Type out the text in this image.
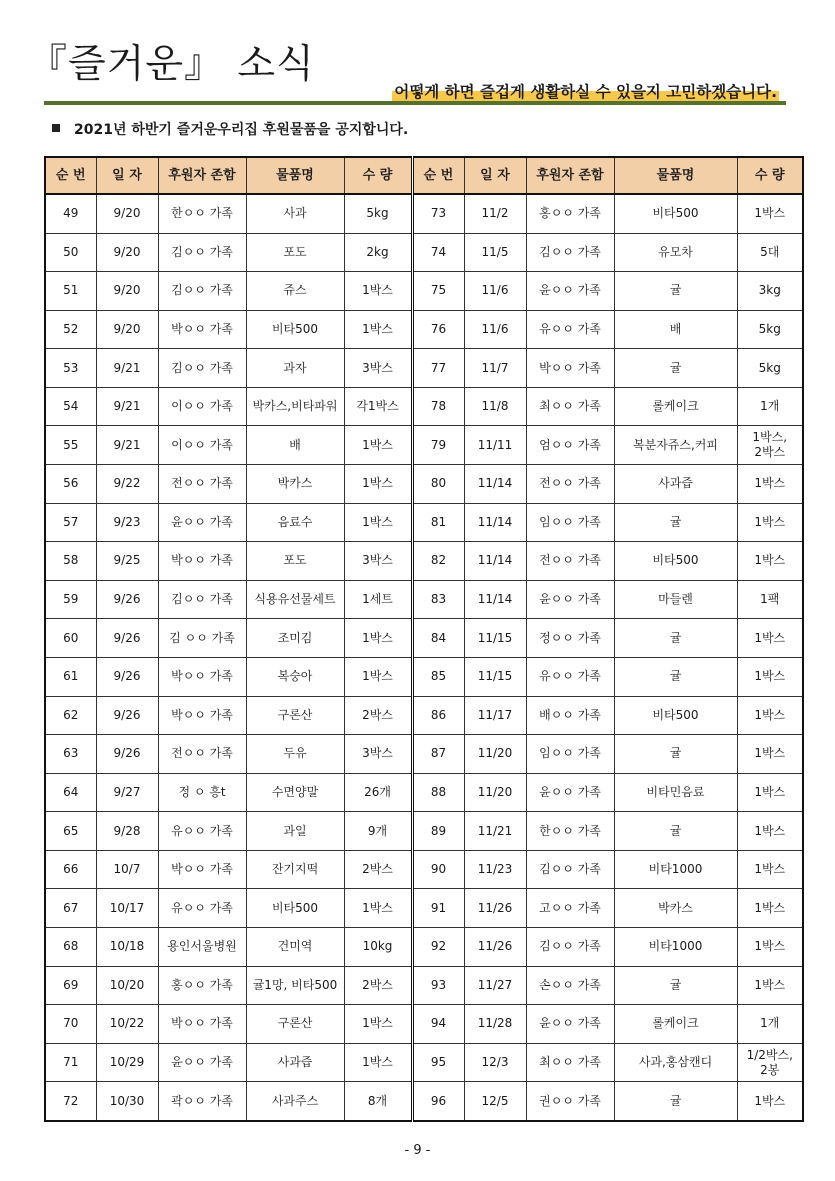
『즐거운』 소식
어떻게 하면 즐겁게 생활하실 수 있을지 고민하겠습니다.
2021년 하반기 즐거운우리집 후원물품을 공지합니다.
순 번	일 자	후원자 존함	물품명	수 량	순 번	일 자	후원자 존함	물품명	수 량
49	9/20	한ㅇㅇ 가족	사과	5kg	73	11/2	홍ㅇㅇ 가족	비타500	1박스
50	9/20	김ㅇㅇ 가족	포도	2kg	74	11/5	김ㅇㅇ 가족	유모차	5대
51	9/20	김ㅇㅇ 가족	쥬스	1박스	75	11/6	윤ㅇㅇ 가족	귤	3kg
52	9/20	박ㅇㅇ 가족	비타500	1박스	76	11/6	유ㅇㅇ 가족	배	5kg
53	9/21	김ㅇㅇ 가족	과자	3박스	77	11/7	박ㅇㅇ 가족	귤	5kg
54	9/21	이ㅇㅇ 가족	박카스,비타파워	각1박스	78	11/8	최ㅇㅇ 가족	롤케이크	1개
55	9/21	이ㅇㅇ 가족	배	1박스	79	11/11	엄ㅇㅇ 가족	복분자쥬스,커피	1박스,
2박스
56	9/22	전ㅇㅇ 가족	박카스	1박스	80	11/14	전ㅇㅇ 가족	사과즙	1박스
57	9/23	윤ㅇㅇ 가족	음료수	1박스	81	11/14	임ㅇㅇ 가족	귤	1박스
58	9/25	박ㅇㅇ 가족	포도	3박스	82	11/14	전ㅇㅇ 가족	비타500	1박스
59	9/26	김ㅇㅇ 가족	식용유선물세트	1세트	83	11/14	윤ㅇㅇ 가족	마들렌	1팩
60	9/26	김 ㅇㅇ 가족	조미김	1박스	84	11/15	정ㅇㅇ 가족	귤	1박스
61	9/26	박ㅇㅇ 가족	복숭아	1박스	85	11/15	유ㅇㅇ 가족	귤	1박스
62	9/26	박ㅇㅇ 가족	구론산	2박스	86	11/17	배ㅇㅇ 가족	비타500	1박스
63	9/26	전ㅇㅇ 가족	두유	3박스	87	11/20	임ㅇㅇ 가족	귤	1박스
64	9/27	정 ㅇ 흥t	수면양말	26개	88	11/20	윤ㅇㅇ 가족	비타민음료	1박스
65	9/28	유ㅇㅇ 가족	과일	9개	89	11/21	한ㅇㅇ 가족	귤	1박스
66	10/7	박ㅇㅇ 가족	잔기지떡	2박스	90	11/23	김ㅇㅇ 가족	비타1000	1박스
67	10/17	유ㅇㅇ 가족	비타500	1박스	91	11/26	고ㅇㅇ 가족	박카스	1박스
68	10/18	용인서울병원	건미역	10kg	92	11/26	김ㅇㅇ 가족	비타1000	1박스
69	10/20	홍ㅇㅇ 가족	귤1망, 비타500	2박스	93	11/27	손ㅇㅇ 가족	귤	1박스
70	10/22	박ㅇㅇ 가족	구론산	1박스	94	11/28	윤ㅇㅇ 가족	롤케이크	1개
71	10/29	윤ㅇㅇ 가족	사과즙	1박스	95	12/3	최ㅇㅇ 가족	사과,홍삼캔디	1/2박스,
2봉
72	10/30	곽ㅇㅇ 가족	사과주스	8개	96	12/5	권ㅇㅇ 가족	귤	1박스
- 9 -
